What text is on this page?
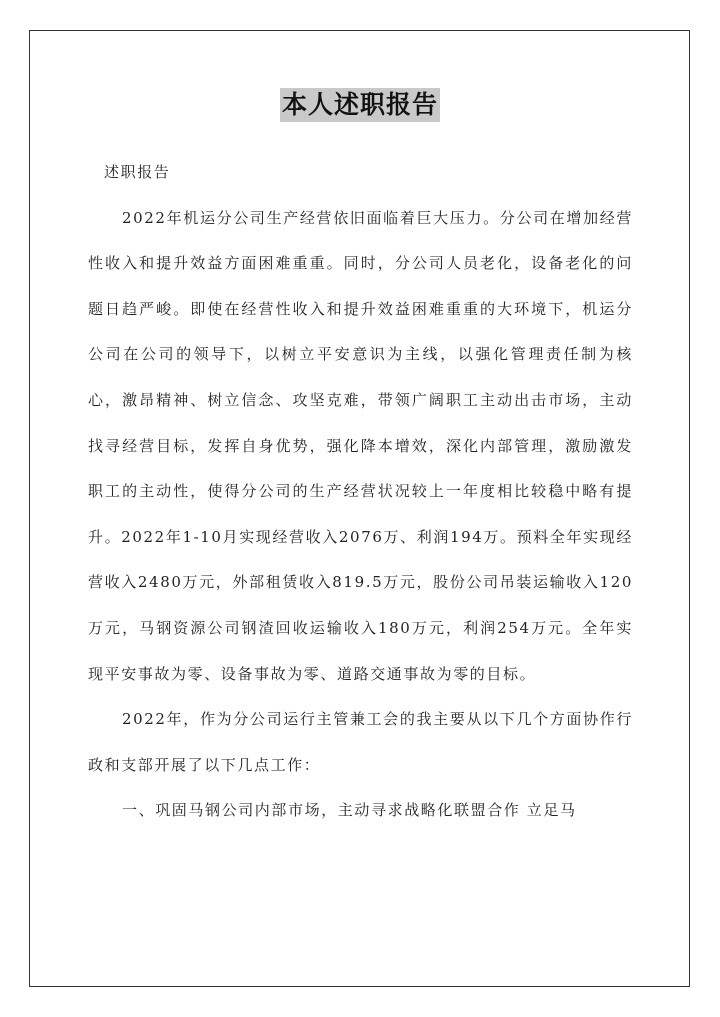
本人述职报告

述职报告

2022年机运分公司生产经营依旧面临着巨大压力。分公司在增加经营性收入和提升效益方面困难重重。同时，分公司人员老化，设备老化的问题日趋严峻。即使在经营性收入和提升效益困难重重的大环境下，机运分公司在公司的领导下，以树立平安意识为主线，以强化管理责任制为核心，激昂精神、树立信念、攻坚克难，带领广阔职工主动出击市场，主动找寻经营目标，发挥自身优势，强化降本增效，深化内部管理，激励激发职工的主动性，使得分公司的生产经营状况较上一年度相比较稳中略有提升。2022年1-10月实现经营收入2076万、利润194万。预料全年实现经营收入2480万元，外部租赁收入819.5万元，股份公司吊装运输收入120万元，马钢资源公司钢渣回收运输收入180万元，利润254万元。全年实现平安事故为零、设备事故为零、道路交通事故为零的目标。

2022年，作为分公司运行主管兼工会的我主要从以下几个方面协作行政和支部开展了以下几点工作：

一、巩固马钢公司内部市场，主动寻求战略化联盟合作 立足马
